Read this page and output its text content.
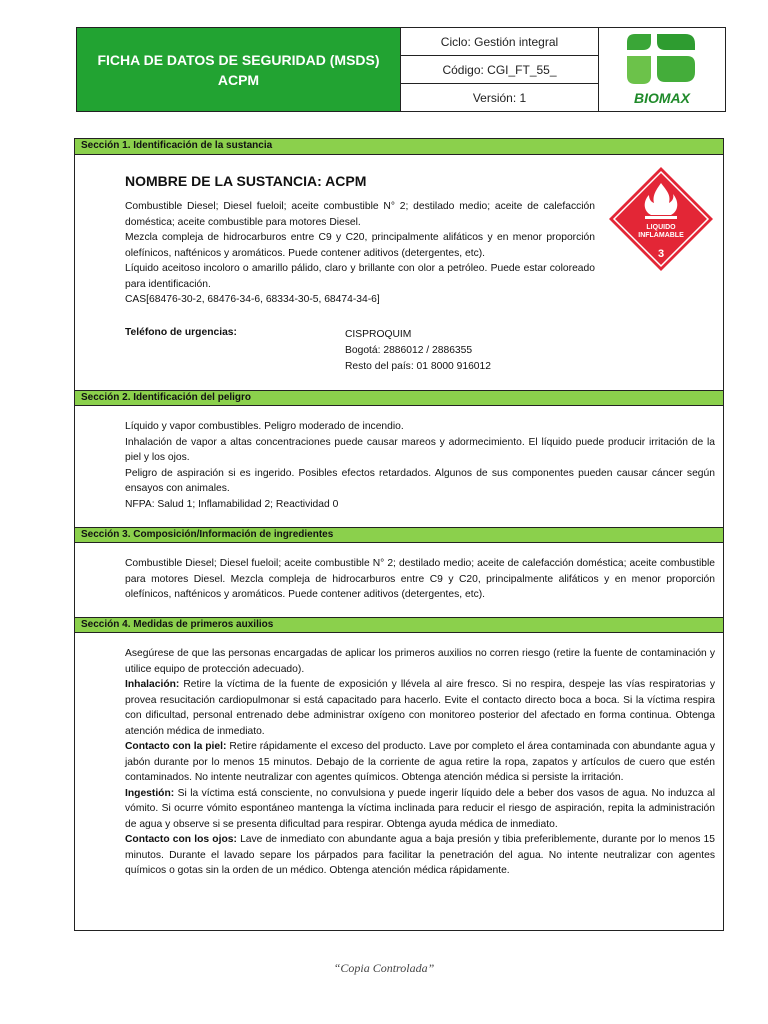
FICHA DE DATOS DE SEGURIDAD (MSDS)
ACPM
Ciclo: Gestión integral
Código: CGI_FT_55_
Versión: 1	BIOMAX
Sección 1. Identificación de la sustancia
NOMBRE DE LA SUSTANCIA: ACPM

Combustible Diesel; Diesel fueloil; aceite combustible N° 2; destilado medio; aceite de calefacción doméstica; aceite combustible para motores Diesel.

Mezcla compleja de hidrocarburos entre C9 y C20, principalmente alifáticos y en menor proporción olefínicos, nafténicos y aromáticos. Puede contener aditivos (detergentes, etc).

Líquido aceitoso incoloro o amarillo pálido, claro y brillante con olor a petróleo. Puede estar coloreado para identificación.

CAS[68476-30-2, 68476-34-6, 68334-30-5, 68474-34-6]

Teléfono de urgencias:	CISPROQUIM
Bogotá: 2886012 / 2886355
Resto del país: 01 8000 916012
LIQUIDO
INFLAMABLE
3
Sección 2. Identificación del peligro

Líquido y vapor combustibles. Peligro moderado de incendio.

Inhalación de vapor a altas concentraciones puede causar mareos y adormecimiento. El líquido puede producir irritación de la piel y los ojos.

Peligro de aspiración si es ingerido. Posibles efectos retardados. Algunos de sus componentes pueden causar cáncer según ensayos con animales.

NFPA: Salud 1; Inflamabilidad 2; Reactividad 0

Sección 3. Composición/Información de ingredientes

Combustible Diesel; Diesel fueloil; aceite combustible N° 2; destilado medio; aceite de calefacción doméstica; aceite combustible para motores Diesel. Mezcla compleja de hidrocarburos entre C9 y C20, principalmente alifáticos y en menor proporción olefínicos, nafténicos y aromáticos. Puede contener aditivos (detergentes, etc).

Sección 4. Medidas de primeros auxilios

Asegúrese de que las personas encargadas de aplicar los primeros auxilios no corren riesgo (retire la fuente de contaminación y utilice equipo de protección adecuado).

Inhalación: Retire la víctima de la fuente de exposición y llévela al aire fresco. Si no respira, despeje las vías respiratorias y provea resucitación cardiopulmonar si está capacitado para hacerlo. Evite el contacto directo boca a boca. Si la víctima respira con dificultad, personal entrenado debe administrar oxígeno con monitoreo posterior del afectado en forma continua. Obtenga atención médica de inmediato.

Contacto con la piel: Retire rápidamente el exceso del producto. Lave por completo el área contaminada con abundante agua y jabón durante por lo menos 15 minutos. Debajo de la corriente de agua retire la ropa, zapatos y artículos de cuero que estén contaminados. No intente neutralizar con agentes químicos. Obtenga atención médica si persiste la irritación.

Ingestión: Si la víctima está consciente, no convulsiona y puede ingerir líquido dele a beber dos vasos de agua. No induzca al vómito. Si ocurre vómito espontáneo mantenga la víctima inclinada para reducir el riesgo de aspiración, repita la administración de agua y observe si se presenta dificultad para respirar. Obtenga ayuda médica de inmediato.

Contacto con los ojos: Lave de inmediato con abundante agua a baja presión y tibia preferiblemente, durante por lo menos 15 minutos. Durante el lavado separe los párpados para facilitar la penetración del agua. No intente neutralizar con agentes químicos o gotas sin la orden de un médico. Obtenga atención médica rápidamente.

“Copia Controlada”
